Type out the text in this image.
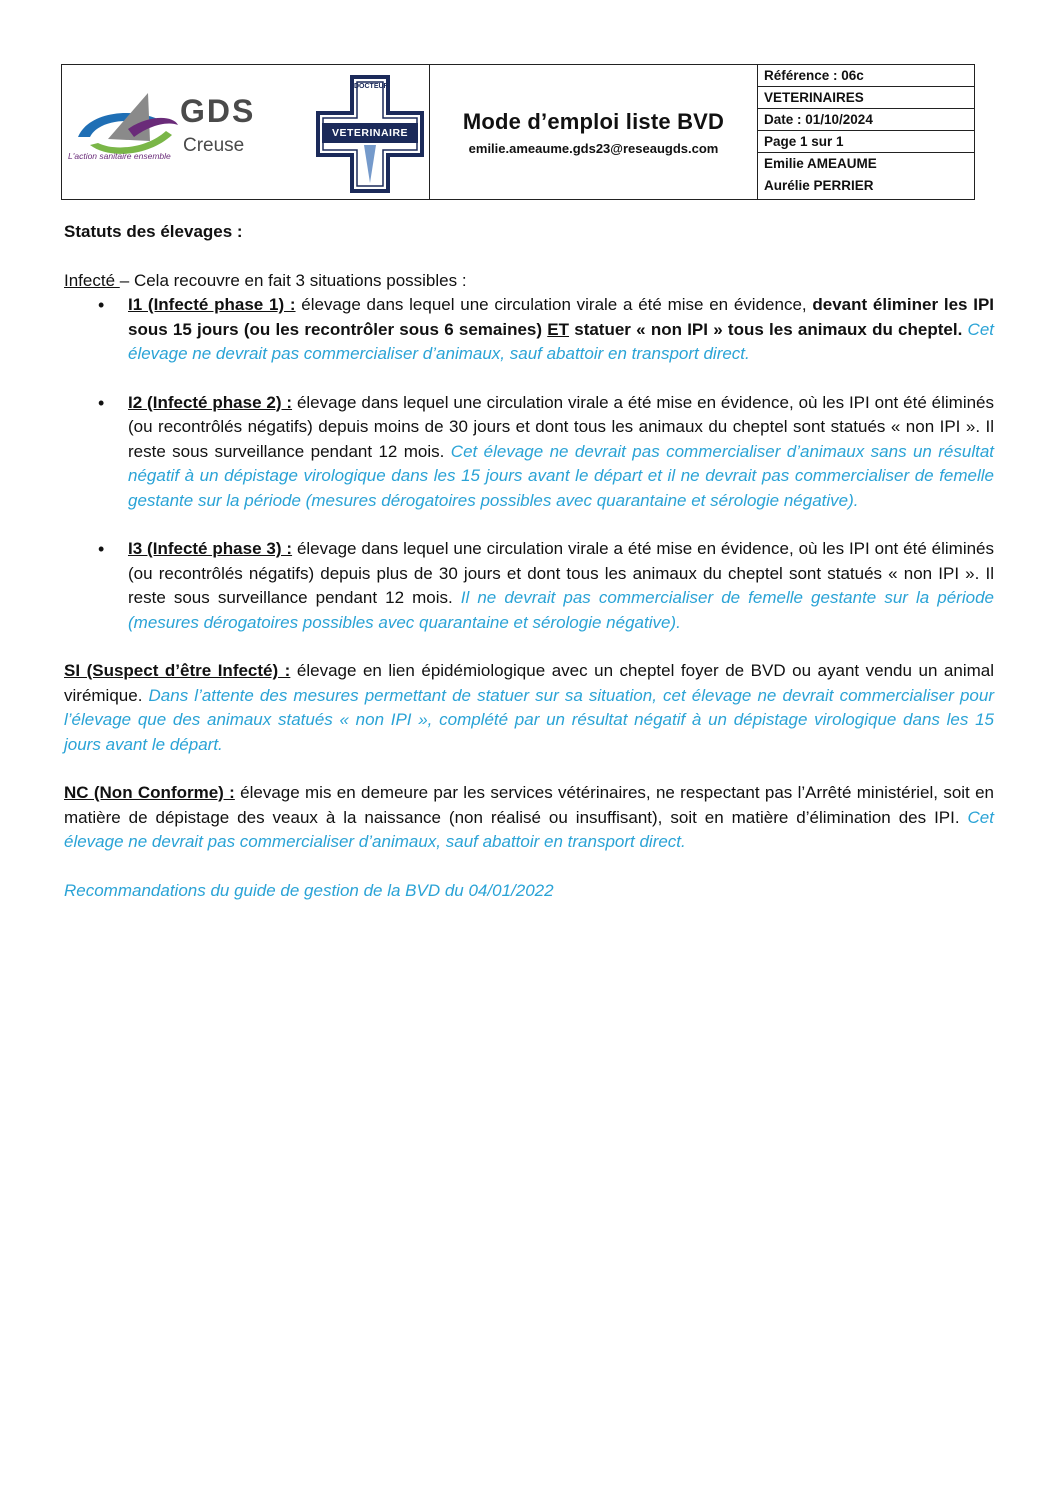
GDS
Creuse
L'action sanitaire ensemble
DOCTEUR
VETERINAIRE	Mode d’emploi liste BVD
emilie.ameaume.gds23@reseaugds.com
Référence : 06c
VETERINAIRES
Date : 01/10/2024
Page 1 sur 1
Emilie AMEAUME
Aurélie PERRIER

Statuts des élevages :

Infecté – Cela recouvre en fait 3 situations possibles :

• I1 (Infecté phase 1) : élevage dans lequel une circulation virale a été mise en évidence, devant éliminer les IPI sous 15 jours (ou les recontrôler sous 6 semaines) ET statuer « non IPI » tous les animaux du cheptel. Cet élevage ne devrait pas commercialiser d’animaux, sauf abattoir en transport direct.
• I2 (Infecté phase 2) : élevage dans lequel une circulation virale a été mise en évidence, où les IPI ont été éliminés (ou recontrôlés négatifs) depuis moins de 30 jours et dont tous les animaux du cheptel sont statués « non IPI ». Il reste sous surveillance pendant 12 mois. Cet élevage ne devrait pas commercialiser d’animaux sans un résultat négatif à un dépistage virologique dans les 15 jours avant le départ et il ne devrait pas commercialiser de femelle gestante sur la période (mesures dérogatoires possibles avec quarantaine et sérologie négative).
• I3 (Infecté phase 3) : élevage dans lequel une circulation virale a été mise en évidence, où les IPI ont été éliminés (ou recontrôlés négatifs) depuis plus de 30 jours et dont tous les animaux du cheptel sont statués « non IPI ». Il reste sous surveillance pendant 12 mois. Il ne devrait pas commercialiser de femelle gestante sur la période (mesures dérogatoires possibles avec quarantaine et sérologie négative).

SI (Suspect d’être Infecté) : élevage en lien épidémiologique avec un cheptel foyer de BVD ou ayant vendu un animal virémique. Dans l’attente des mesures permettant de statuer sur sa situation, cet élevage ne devrait commercialiser pour l’élevage que des animaux statués « non IPI », complété par un résultat négatif à un dépistage virologique dans les 15 jours avant le départ.

NC (Non Conforme) : élevage mis en demeure par les services vétérinaires, ne respectant pas l’Arrêté ministériel, soit en matière de dépistage des veaux à la naissance (non réalisé ou insuffisant), soit en matière d’élimination des IPI. Cet élevage ne devrait pas commercialiser d’animaux, sauf abattoir en transport direct.

Recommandations du guide de gestion de la BVD du 04/01/2022
